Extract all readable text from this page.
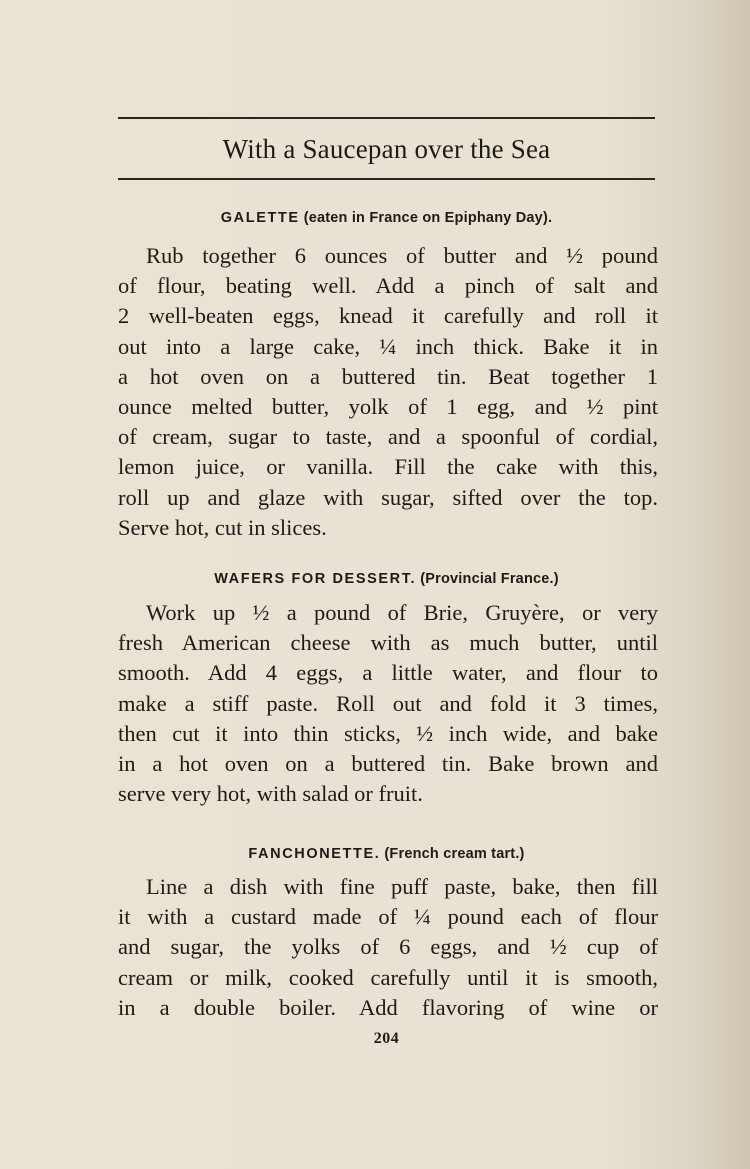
With a Saucepan over the Sea
GALETTE (eaten in France on Epiphany Day).
Rub together 6 ounces of butter and ½ pound
of flour, beating well. Add a pinch of salt and
2 well-beaten eggs, knead it carefully and roll it
out into a large cake, ¼ inch thick. Bake it in
a hot oven on a buttered tin. Beat together 1
ounce melted butter, yolk of 1 egg, and ½ pint
of cream, sugar to taste, and a spoonful of cordial,
lemon juice, or vanilla. Fill the cake with this,
roll up and glaze with sugar, sifted over the top.
Serve hot, cut in slices.
WAFERS FOR DESSERT. (Provincial France.)
Work up ½ a pound of Brie, Gruyère, or very
fresh American cheese with as much butter, until
smooth. Add 4 eggs, a little water, and flour to
make a stiff paste. Roll out and fold it 3 times,
then cut it into thin sticks, ½ inch wide, and bake
in a hot oven on a buttered tin. Bake brown and
serve very hot, with salad or fruit.
FANCHONETTE. (French cream tart.)
Line a dish with fine puff paste, bake, then fill
it with a custard made of ¼ pound each of flour
and sugar, the yolks of 6 eggs, and ½ cup of
cream or milk, cooked carefully until it is smooth,
in a double boiler. Add flavoring of wine or
204
